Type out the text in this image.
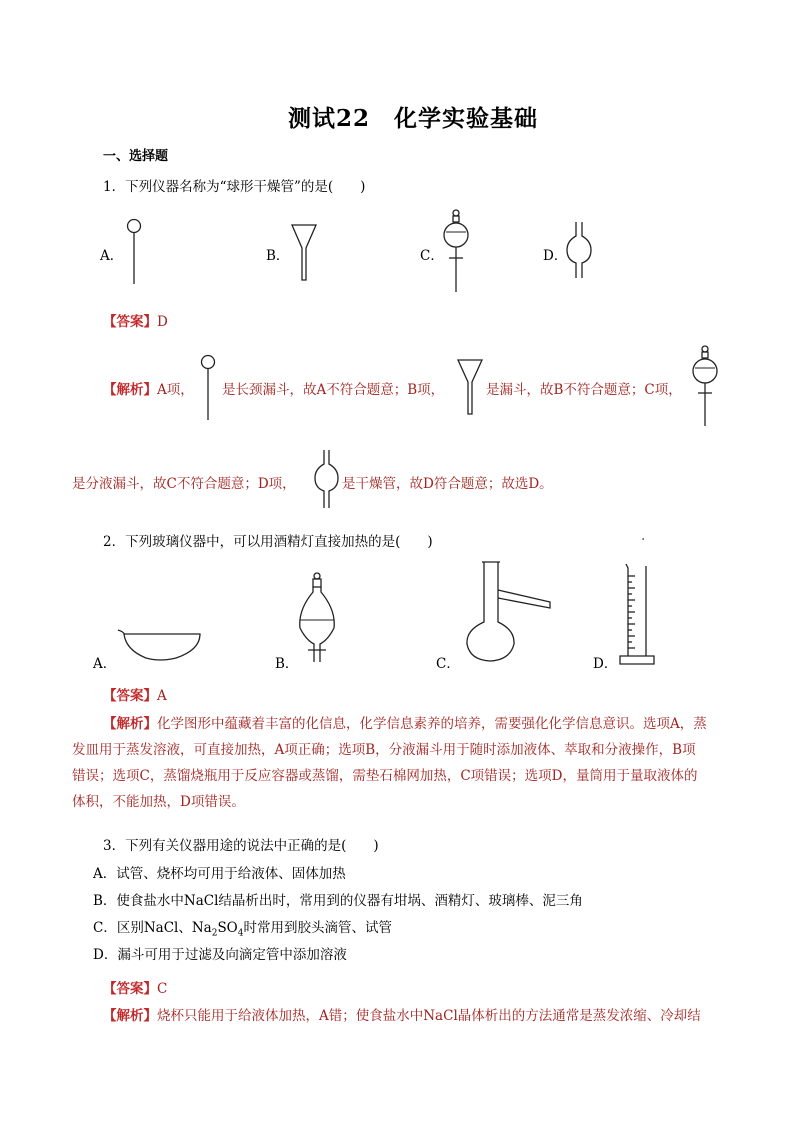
测试22　化学实验基础
一、选择题
1．下列仪器名称为“球形干燥管”的是(　　)
A．	B．	C．	D．
【答案】D
【解析】A项， 是长颈漏斗，故A不符合题意；B项，	是漏斗，故B不符合题意；C项，
是分液漏斗，故C不符合题意；D项，	是干燥管，故D符合题意；故选D。
2．下列玻璃仪器中，可以用酒精灯直接加热的是(　　)	.
A．	B．	C．	D．
【答案】A
【解析】化学图形中蕴藏着丰富的化信息，化学信息素养的培养，需要强化化学信息意识。选项A，蒸
发皿用于蒸发溶液，可直接加热，A项正确；选项B，分液漏斗用于随时添加液体、萃取和分液操作，B项
错误；选项C，蒸馏烧瓶用于反应容器或蒸馏，需垫石棉网加热，C项错误；选项D，量筒用于量取液体的
体积，不能加热，D项错误。
3．下列有关仪器用途的说法中正确的是(　　)
A．试管、烧杯均可用于给液体、固体加热
B．使食盐水中NaCl结晶析出时，常用到的仪器有坩埚、酒精灯、玻璃棒、泥三角
C．区别NaCl、$Na_2SO_4$时常用到胶头滴管、试管
D．漏斗可用于过滤及向滴定管中添加溶液
【答案】C
【解析】烧杯只能用于给液体加热，A错；使食盐水中NaCl晶体析出的方法通常是蒸发浓缩、冷却结
